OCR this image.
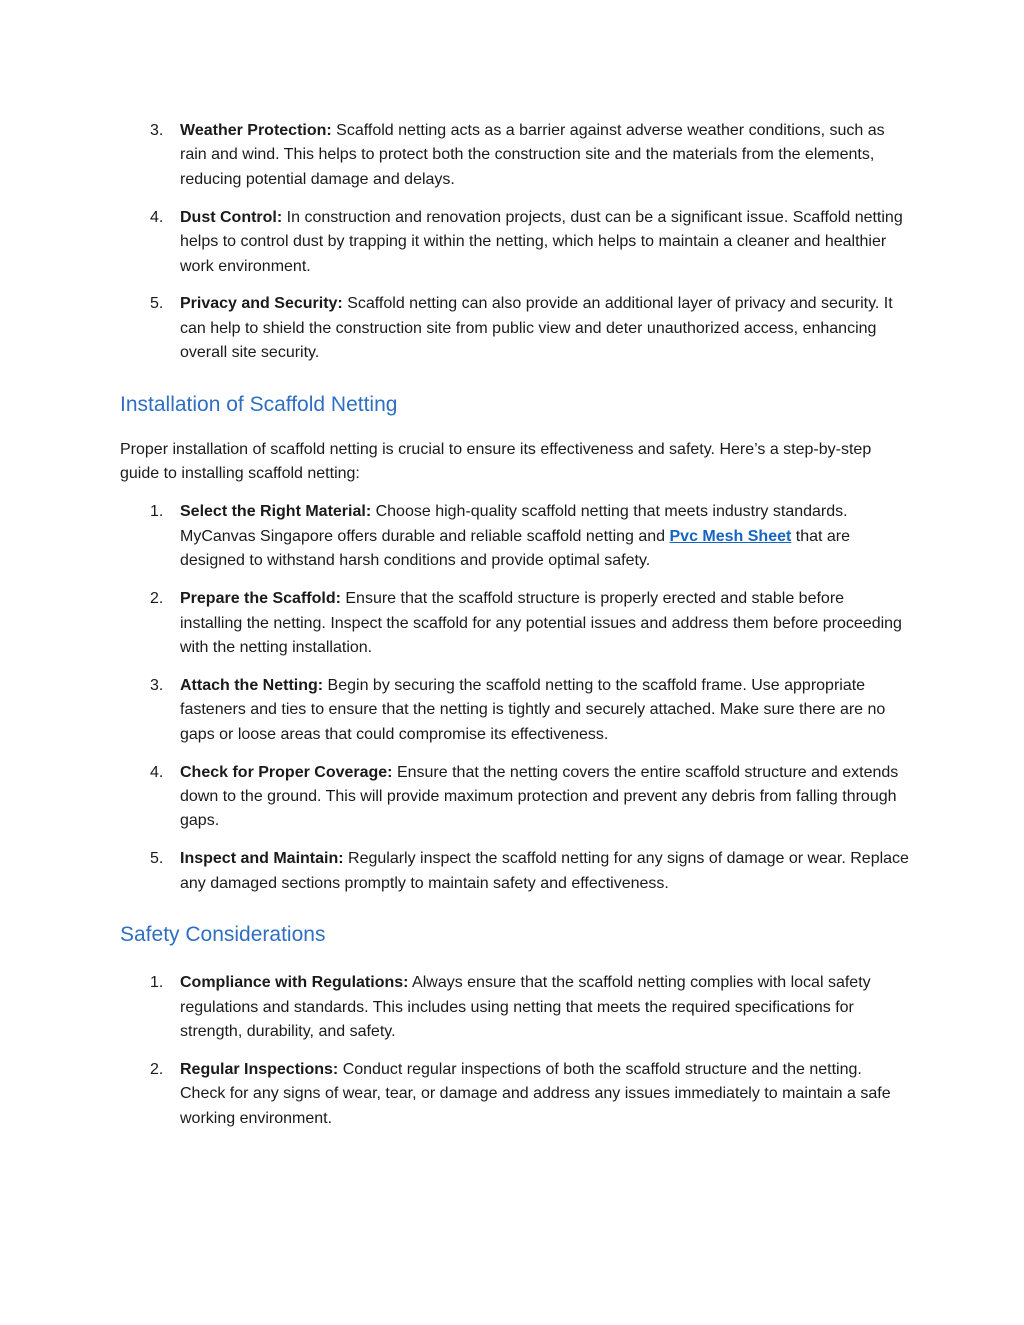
3. Weather Protection: Scaffold netting acts as a barrier against adverse weather conditions, such as rain and wind. This helps to protect both the construction site and the materials from the elements, reducing potential damage and delays.
4. Dust Control: In construction and renovation projects, dust can be a significant issue. Scaffold netting helps to control dust by trapping it within the netting, which helps to maintain a cleaner and healthier work environment.
5. Privacy and Security: Scaffold netting can also provide an additional layer of privacy and security. It can help to shield the construction site from public view and deter unauthorized access, enhancing overall site security.
Installation of Scaffold Netting

Proper installation of scaffold netting is crucial to ensure its effectiveness and safety. Here’s a step-by-step guide to installing scaffold netting:

1. Select the Right Material: Choose high-quality scaffold netting that meets industry standards. MyCanvas Singapore offers durable and reliable scaffold netting and Pvc Mesh Sheet that are designed to withstand harsh conditions and provide optimal safety.
2. Prepare the Scaffold: Ensure that the scaffold structure is properly erected and stable before installing the netting. Inspect the scaffold for any potential issues and address them before proceeding with the netting installation.
3. Attach the Netting: Begin by securing the scaffold netting to the scaffold frame. Use appropriate fasteners and ties to ensure that the netting is tightly and securely attached. Make sure there are no gaps or loose areas that could compromise its effectiveness.
4. Check for Proper Coverage: Ensure that the netting covers the entire scaffold structure and extends down to the ground. This will provide maximum protection and prevent any debris from falling through gaps.
5. Inspect and Maintain: Regularly inspect the scaffold netting for any signs of damage or wear. Replace any damaged sections promptly to maintain safety and effectiveness.
Safety Considerations
1. Compliance with Regulations: Always ensure that the scaffold netting complies with local safety regulations and standards. This includes using netting that meets the required specifications for strength, durability, and safety.
2. Regular Inspections: Conduct regular inspections of both the scaffold structure and the netting. Check for any signs of wear, tear, or damage and address any issues immediately to maintain a safe working environment.
